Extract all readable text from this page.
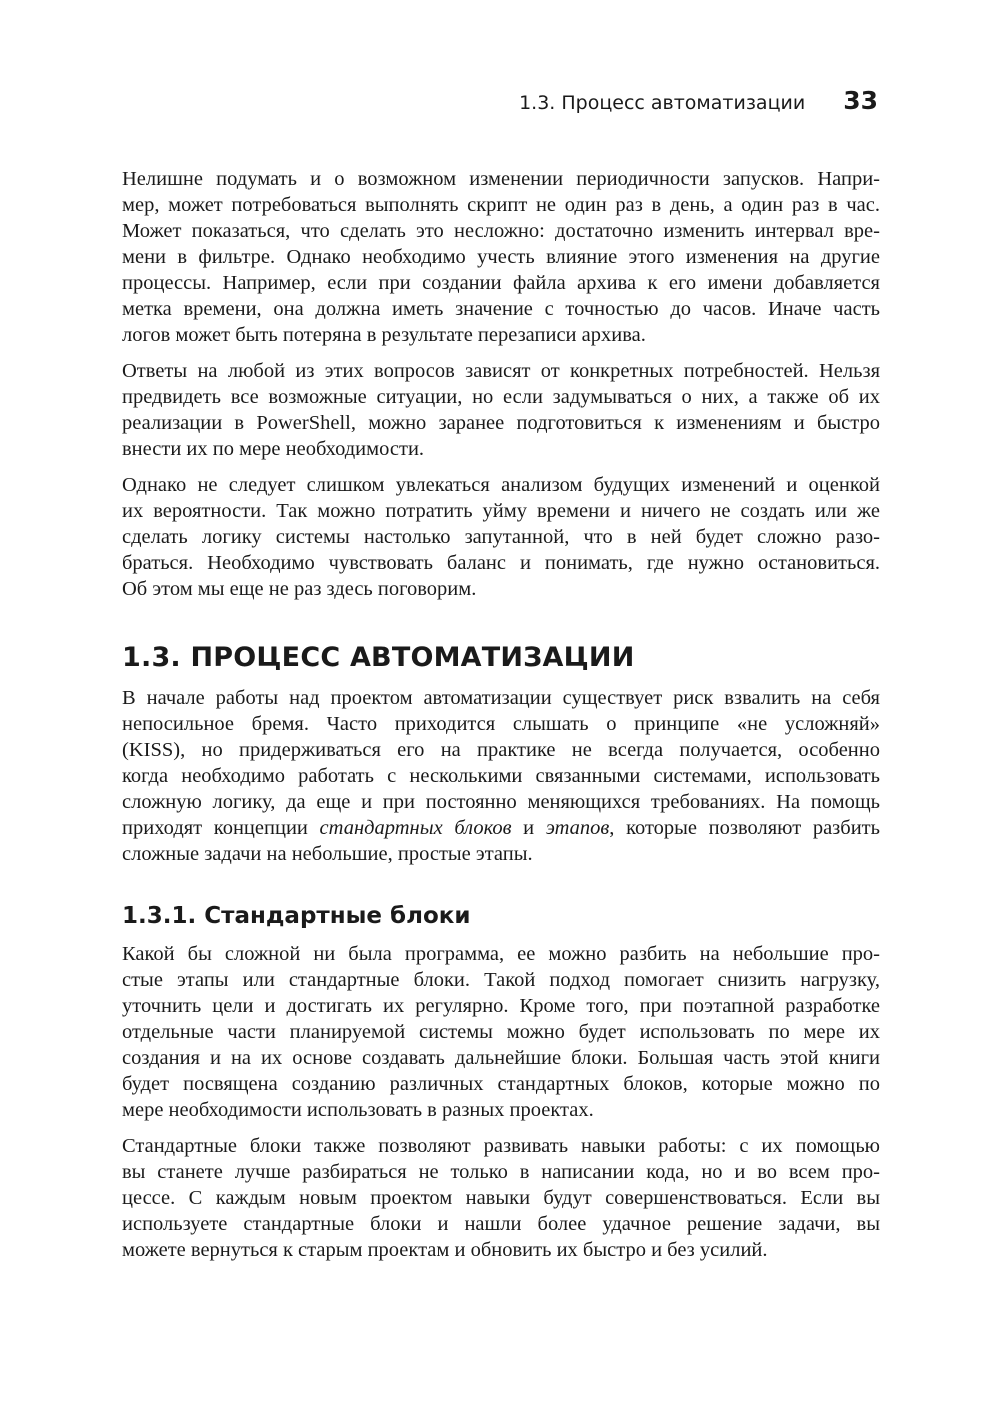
1.3. Процесс автоматизации 33

Нелишне подумать и о возможном изменении периодичности запусков. Напри-
мер, может потребоваться выполнять скрипт не один раз в день, а один раз в час.
Может показаться, что сделать это несложно: достаточно изменить интервал вре-
мени в фильтре. Однако необходимо учесть влияние этого изменения на другие
процессы. Например, если при создании файла архива к его имени добавляется
метка времени, она должна иметь значение с точностью до часов. Иначе часть
логов может быть потеряна в результате перезаписи архива.

Ответы на любой из этих вопросов зависят от конкретных потребностей. Нельзя
предвидеть все возможные ситуации, но если задумываться о них, а также об их
реализации в PowerShell, можно заранее подготовиться к изменениям и быстро
внести их по мере необходимости.

Однако не следует слишком увлекаться анализом будущих изменений и оценкой
их вероятности. Так можно потратить уйму времени и ничего не создать или же
сделать логику системы настолько запутанной, что в ней будет сложно разо-
браться. Необходимо чувствовать баланс и понимать, где нужно остановиться.
Об этом мы еще не раз здесь поговорим.

1.3. ПРОЦЕСС АВТОМАТИЗАЦИИ

В начале работы над проектом автоматизации существует риск взвалить на себя
непосильное бремя. Часто приходится слышать о принципе «не усложняй»
(KISS), но придерживаться его на практике не всегда получается, особенно
когда необходимо работать с несколькими связанными системами, использовать
сложную логику, да еще и при постоянно меняющихся требованиях. На помощь
приходят концепции стандартных блоков и этапов, которые позволяют разбить
сложные задачи на небольшие, простые этапы.

1.3.1. Стандартные блоки

Какой бы сложной ни была программа, ее можно разбить на небольшие про-
стые этапы или стандартные блоки. Такой подход помогает снизить нагрузку,
уточнить цели и достигать их регулярно. Кроме того, при поэтапной разработке
отдельные части планируемой системы можно будет использовать по мере их
создания и на их основе создавать дальнейшие блоки. Большая часть этой книги
будет посвящена созданию различных стандартных блоков, которые можно по
мере необходимости использовать в разных проектах.

Стандартные блоки также позволяют развивать навыки работы: с их помощью
вы станете лучше разбираться не только в написании кода, но и во всем про-
цессе. С каждым новым проектом навыки будут совершенствоваться. Если вы
используете стандартные блоки и нашли более удачное решение задачи, вы
можете вернуться к старым проектам и обновить их быстро и без усилий.
